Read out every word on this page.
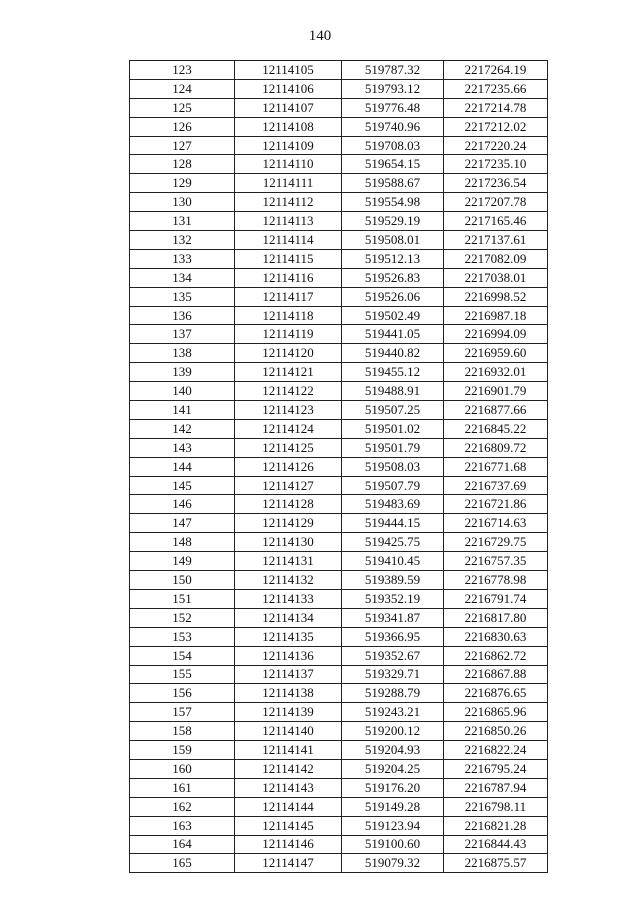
140
123	12114105	519787.32	2217264.19
124	12114106	519793.12	2217235.66
125	12114107	519776.48	2217214.78
126	12114108	519740.96	2217212.02
127	12114109	519708.03	2217220.24
128	12114110	519654.15	2217235.10
129	12114111	519588.67	2217236.54
130	12114112	519554.98	2217207.78
131	12114113	519529.19	2217165.46
132	12114114	519508.01	2217137.61
133	12114115	519512.13	2217082.09
134	12114116	519526.83	2217038.01
135	12114117	519526.06	2216998.52
136	12114118	519502.49	2216987.18
137	12114119	519441.05	2216994.09
138	12114120	519440.82	2216959.60
139	12114121	519455.12	2216932.01
140	12114122	519488.91	2216901.79
141	12114123	519507.25	2216877.66
142	12114124	519501.02	2216845.22
143	12114125	519501.79	2216809.72
144	12114126	519508.03	2216771.68
145	12114127	519507.79	2216737.69
146	12114128	519483.69	2216721.86
147	12114129	519444.15	2216714.63
148	12114130	519425.75	2216729.75
149	12114131	519410.45	2216757.35
150	12114132	519389.59	2216778.98
151	12114133	519352.19	2216791.74
152	12114134	519341.87	2216817.80
153	12114135	519366.95	2216830.63
154	12114136	519352.67	2216862.72
155	12114137	519329.71	2216867.88
156	12114138	519288.79	2216876.65
157	12114139	519243.21	2216865.96
158	12114140	519200.12	2216850.26
159	12114141	519204.93	2216822.24
160	12114142	519204.25	2216795.24
161	12114143	519176.20	2216787.94
162	12114144	519149.28	2216798.11
163	12114145	519123.94	2216821.28
164	12114146	519100.60	2216844.43
165	12114147	519079.32	2216875.57
